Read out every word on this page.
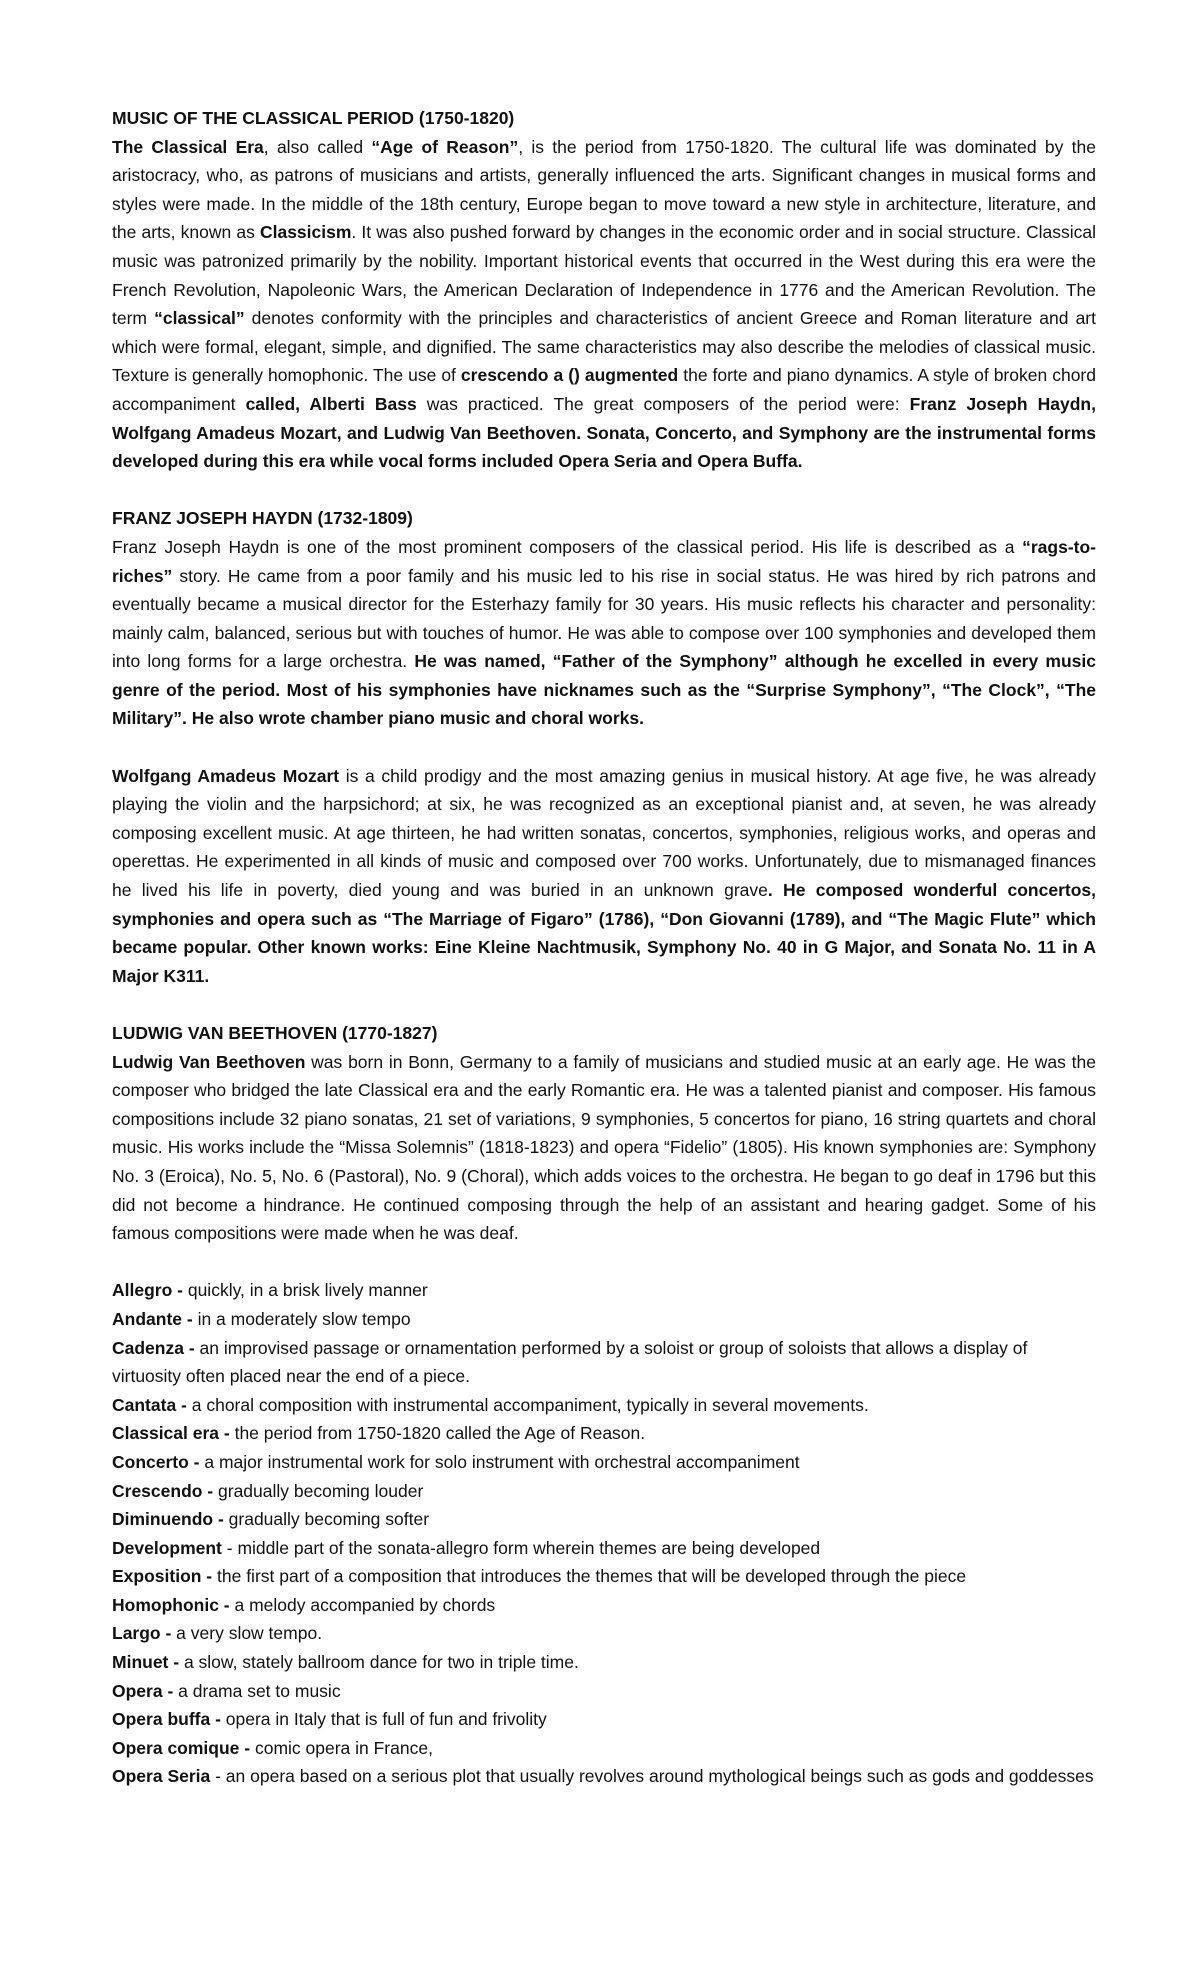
MUSIC OF THE CLASSICAL PERIOD (1750-1820)

The Classical Era, also called “Age of Reason”, is the period from 1750-1820. The cultural life was dominated by the aristocracy, who, as patrons of musicians and artists, generally influenced the arts. Significant changes in musical forms and styles were made. In the middle of the 18th century, Europe began to move toward a new style in architecture, literature, and the arts, known as Classicism. It was also pushed forward by changes in the economic order and in social structure. Classical music was patronized primarily by the nobility. Important historical events that occurred in the West during this era were the French Revolution, Napoleonic Wars, the American Declaration of Independence in 1776 and the American Revolution. The term “classical” denotes conformity with the principles and characteristics of ancient Greece and Roman literature and art which were formal, elegant, simple, and dignified. The same characteristics may also describe the melodies of classical music. Texture is generally homophonic. The use of crescendo a () augmented the forte and piano dynamics. A style of broken chord accompaniment called, Alberti Bass was practiced. The great composers of the period were: Franz Joseph Haydn, Wolfgang Amadeus Mozart, and Ludwig Van Beethoven. Sonata, Concerto, and Symphony are the instrumental forms developed during this era while vocal forms included Opera Seria and Opera Buffa.

FRANZ JOSEPH HAYDN (1732-1809)

Franz Joseph Haydn is one of the most prominent composers of the classical period. His life is described as a “rags-to-riches” story. He came from a poor family and his music led to his rise in social status. He was hired by rich patrons and eventually became a musical director for the Esterhazy family for 30 years. His music reflects his character and personality: mainly calm, balanced, serious but with touches of humor. He was able to compose over 100 symphonies and developed them into long forms for a large orchestra. He was named, “Father of the Symphony” although he excelled in every music genre of the period. Most of his symphonies have nicknames such as the “Surprise Symphony”, “The Clock”, “The Military”. He also wrote chamber piano music and choral works.

Wolfgang Amadeus Mozart is a child prodigy and the most amazing genius in musical history. At age five, he was already playing the violin and the harpsichord; at six, he was recognized as an exceptional pianist and, at seven, he was already composing excellent music. At age thirteen, he had written sonatas, concertos, symphonies, religious works, and operas and operettas. He experimented in all kinds of music and composed over 700 works. Unfortunately, due to mismanaged finances he lived his life in poverty, died young and was buried in an unknown grave. He composed wonderful concertos, symphonies and opera such as “The Marriage of Figaro” (1786), “Don Giovanni (1789), and “The Magic Flute” which became popular. Other known works: Eine Kleine Nachtmusik, Symphony No. 40 in G Major, and Sonata No. 11 in A Major K311.

LUDWIG VAN BEETHOVEN (1770-1827)

Ludwig Van Beethoven was born in Bonn, Germany to a family of musicians and studied music at an early age. He was the composer who bridged the late Classical era and the early Romantic era. He was a talented pianist and composer. His famous compositions include 32 piano sonatas, 21 set of variations, 9 symphonies, 5 concertos for piano, 16 string quartets and choral music. His works include the “Missa Solemnis” (1818-1823) and opera “Fidelio” (1805). His known symphonies are: Symphony No. 3 (Eroica), No. 5, No. 6 (Pastoral), No. 9 (Choral), which adds voices to the orchestra. He began to go deaf in 1796 but this did not become a hindrance. He continued composing through the help of an assistant and hearing gadget. Some of his famous compositions were made when he was deaf.

Allegro - quickly, in a brisk lively manner

Andante - in a moderately slow tempo

Cadenza - an improvised passage or ornamentation performed by a soloist or group of soloists that allows a display of virtuosity often placed near the end of a piece.

Cantata - a choral composition with instrumental accompaniment, typically in several movements.

Classical era - the period from 1750-1820 called the Age of Reason.

Concerto - a major instrumental work for solo instrument with orchestral accompaniment

Crescendo - gradually becoming louder

Diminuendo - gradually becoming softer

Development - middle part of the sonata-allegro form wherein themes are being developed

Exposition - the first part of a composition that introduces the themes that will be developed through the piece

Homophonic - a melody accompanied by chords

Largo - a very slow tempo.

Minuet - a slow, stately ballroom dance for two in triple time.

Opera - a drama set to music

Opera buffa - opera in Italy that is full of fun and frivolity

Opera comique - comic opera in France,

Opera Seria - an opera based on a serious plot that usually revolves around mythological beings such as gods and goddesses
